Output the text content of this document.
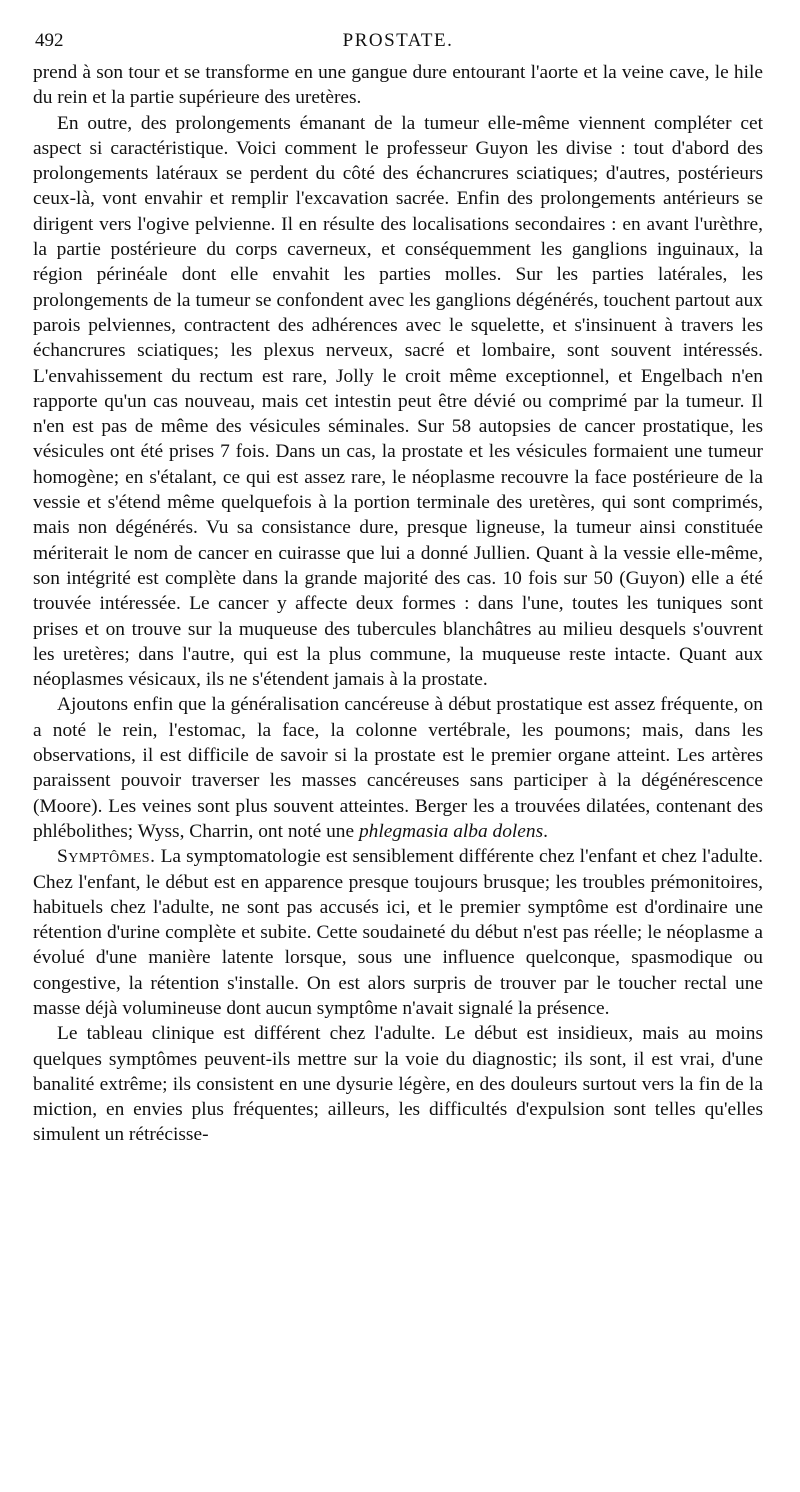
492	PROSTATE.

prend à son tour et se transforme en une gangue dure entourant l'aorte et la veine cave, le hile du rein et la partie supérieure des uretères.

En outre, des prolongements émanant de la tumeur elle-même viennent compléter cet aspect si caractéristique. Voici comment le professeur Guyon les divise : tout d'abord des prolongements latéraux se perdent du côté des échancrures sciatiques; d'autres, postérieurs ceux-là, vont envahir et remplir l'excavation sacrée. Enfin des prolongements antérieurs se dirigent vers l'ogive pelvienne. Il en résulte des localisations secondaires : en avant l'urèthre, la partie postérieure du corps caverneux, et conséquemment les ganglions inguinaux, la région périnéale dont elle envahit les parties molles. Sur les parties latérales, les prolongements de la tumeur se confondent avec les ganglions dégénérés, touchent partout aux parois pelviennes, contractent des adhérences avec le squelette, et s'insinuent à travers les échancrures sciatiques; les plexus nerveux, sacré et lombaire, sont souvent intéressés. L'envahissement du rectum est rare, Jolly le croit même exceptionnel, et Engelbach n'en rapporte qu'un cas nouveau, mais cet intestin peut être dévié ou comprimé par la tumeur. Il n'en est pas de même des vésicules séminales. Sur 58 autopsies de cancer prostatique, les vésicules ont été prises 7 fois. Dans un cas, la prostate et les vésicules formaient une tumeur homogène; en s'étalant, ce qui est assez rare, le néoplasme recouvre la face postérieure de la vessie et s'étend même quelquefois à la portion terminale des uretères, qui sont comprimés, mais non dégénérés. Vu sa consistance dure, presque ligneuse, la tumeur ainsi constituée mériterait le nom de cancer en cuirasse que lui a donné Jullien. Quant à la vessie elle-même, son intégrité est complète dans la grande majorité des cas. 10 fois sur 50 (Guyon) elle a été trouvée intéressée. Le cancer y affecte deux formes : dans l'une, toutes les tuniques sont prises et on trouve sur la muqueuse des tubercules blanchâtres au milieu desquels s'ouvrent les uretères; dans l'autre, qui est la plus commune, la muqueuse reste intacte. Quant aux néoplasmes vésicaux, ils ne s'étendent jamais à la prostate.

Ajoutons enfin que la généralisation cancéreuse à début prostatique est assez fréquente, on a noté le rein, l'estomac, la face, la colonne vertébrale, les poumons; mais, dans les observations, il est difficile de savoir si la prostate est le premier organe atteint. Les artères paraissent pouvoir traverser les masses cancéreuses sans participer à la dégénérescence (Moore). Les veines sont plus souvent atteintes. Berger les a trouvées dilatées, contenant des phlébolithes; Wyss, Charrin, ont noté une phlegmasia alba dolens.

Symptômes. La symptomatologie est sensiblement différente chez l'enfant et chez l'adulte. Chez l'enfant, le début est en apparence presque toujours brusque; les troubles prémonitoires, habituels chez l'adulte, ne sont pas accusés ici, et le premier symptôme est d'ordinaire une rétention d'urine complète et subite. Cette soudaineté du début n'est pas réelle; le néoplasme a évolué d'une manière latente lorsque, sous une influence quelconque, spasmodique ou congestive, la rétention s'installe. On est alors surpris de trouver par le toucher rectal une masse déjà volumineuse dont aucun symptôme n'avait signalé la présence.

Le tableau clinique est différent chez l'adulte. Le début est insidieux, mais au moins quelques symptômes peuvent-ils mettre sur la voie du diagnostic; ils sont, il est vrai, d'une banalité extrême; ils consistent en une dysurie légère, en des douleurs surtout vers la fin de la miction, en envies plus fréquentes; ailleurs, les difficultés d'expulsion sont telles qu'elles simulent un rétrécisse-
